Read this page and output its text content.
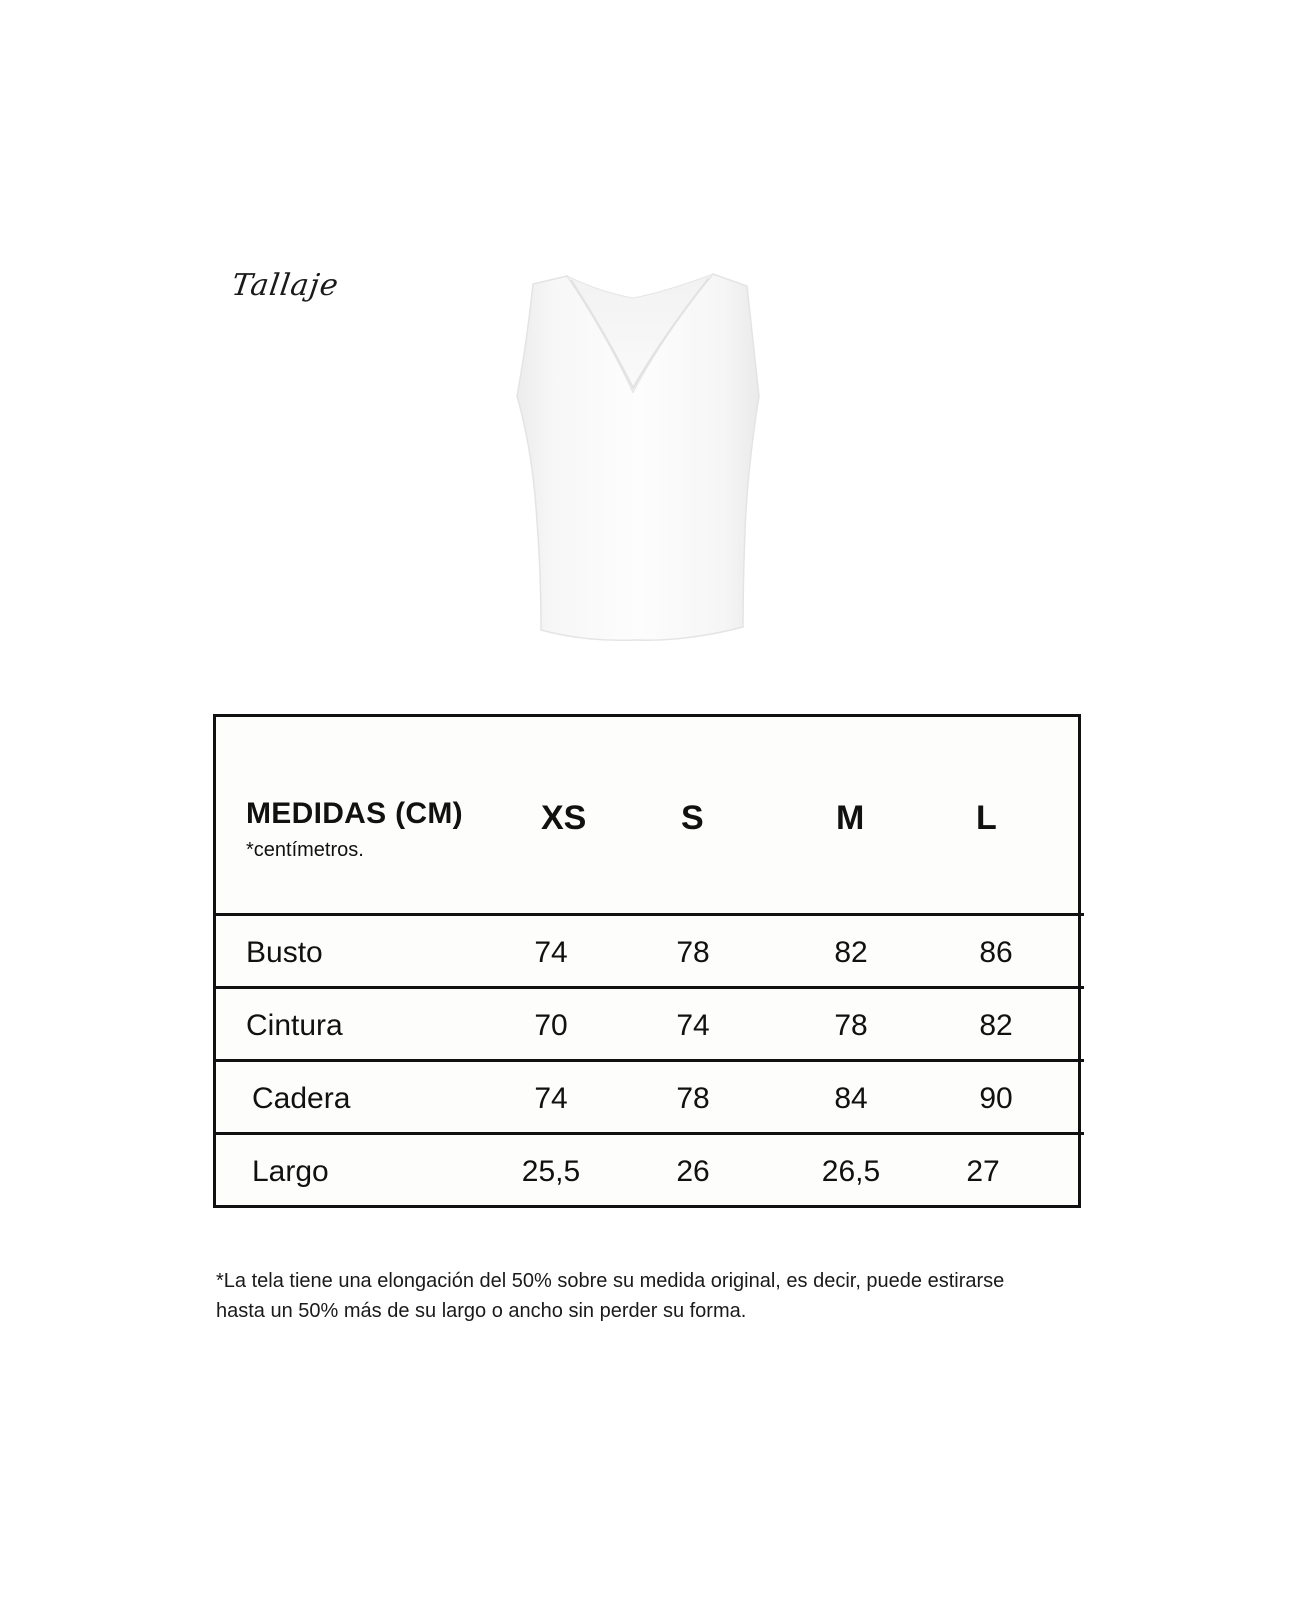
Tallaje
MEDIDAS (CM)
*centímetros.
XS	S	M	L
Busto	74	78	82	86
Cintura	70	74	78	82
Cadera	74	78	84	90
Largo	25,5	26	26,5	27
*La tela tiene una elongación del 50% sobre su medida original, es decir, puede estirarse
hasta un 50% más de su largo o ancho sin perder su forma.
